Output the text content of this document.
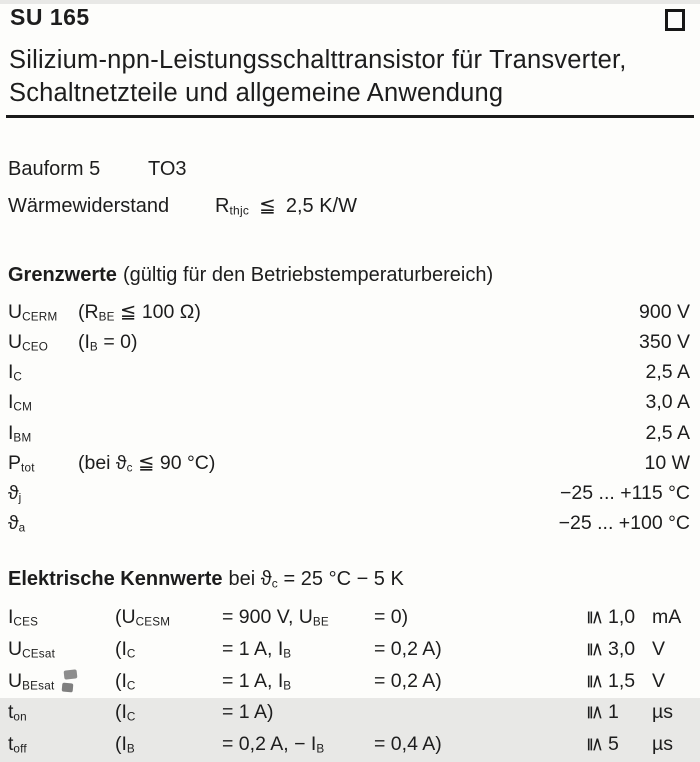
SU 165

Silizium-npn-Leistungsschalttransistor für Transverter,

Schaltnetzteile und allgemeine Anwendung

Bauform 5 TO3
Wärmewiderstand $R_{thjc}$ ≦ 2,5 K/W
Grenzwerte (gültig für den Betriebstemperaturbereich)
$U_{CERM}$	($R_{BE}$ ≦ 100 Ω)	900 V
$U_{CEO}$	$(I_B = 0)$	350 V
$I_C$	2,5 A
$I_{CM}$	3,0 A
$I_{BM}$	2,5 A
$P_{tot}$	(bei $ϑ_c$ ≦ 90 °C)	10 W
$ϑ_j$	−25 ... +115 °C
$ϑ_a$	−25 ... +100 °C
Elektrische Kennwerte bei $ϑ_c = 25$ °C − 5 K
$I_{CES}$	($U_{CESM}$	= 900 V, $U_{BE}$	= 0)	≦ 1,0 mA
$U_{CEsat}$	($I_C$	= 1 A, $I_B$	= 0,2 A)	≦ 3,0 V
$U_{BEsat}$	($I_C$	= 1 A, $I_B$	= 0,2 A)	≦ 1,5 V
$t_{on}$	($I_C$	= 1 A)	≦ 1	µs
$t_{off}$	($I_B$	= 0,2 A, − $I_B$	= 0,4 A)	≦ 5	µs
